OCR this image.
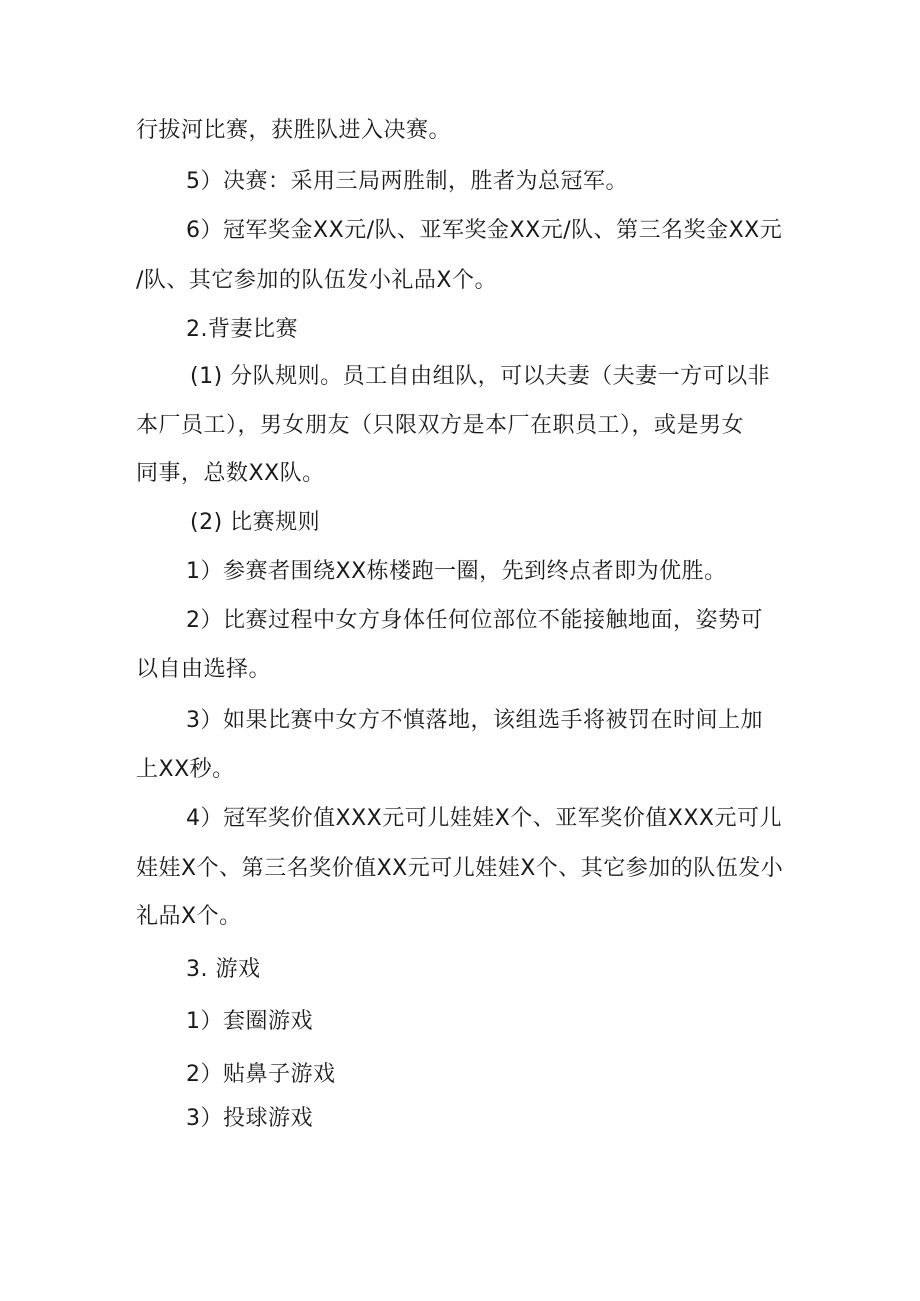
行拔河比赛，获胜队进入决赛。
5）决赛：采用三局两胜制，胜者为总冠军。
6）冠军奖金XX元/队、亚军奖金XX元/队、第三名奖金XX元
/队、其它参加的队伍发小礼品X个。
2.背妻比赛
(1) 分队规则。员工自由组队，可以夫妻（夫妻一方可以非
本厂员工），男女朋友（只限双方是本厂在职员工），或是男女
同事，总数XX队。
(2) 比赛规则
1）参赛者围绕XX栋楼跑一圈，先到终点者即为优胜。
2）比赛过程中女方身体任何位部位不能接触地面，姿势可
以自由选择。
3）如果比赛中女方不慎落地，该组选手将被罚在时间上加
上XX秒。
4）冠军奖价值XXX元可儿娃娃X个、亚军奖价值XXX元可儿
娃娃X个、第三名奖价值XX元可儿娃娃X个、其它参加的队伍发小
礼品X个。
3. 游戏
1）套圈游戏
2）贴鼻子游戏
3）投球游戏
